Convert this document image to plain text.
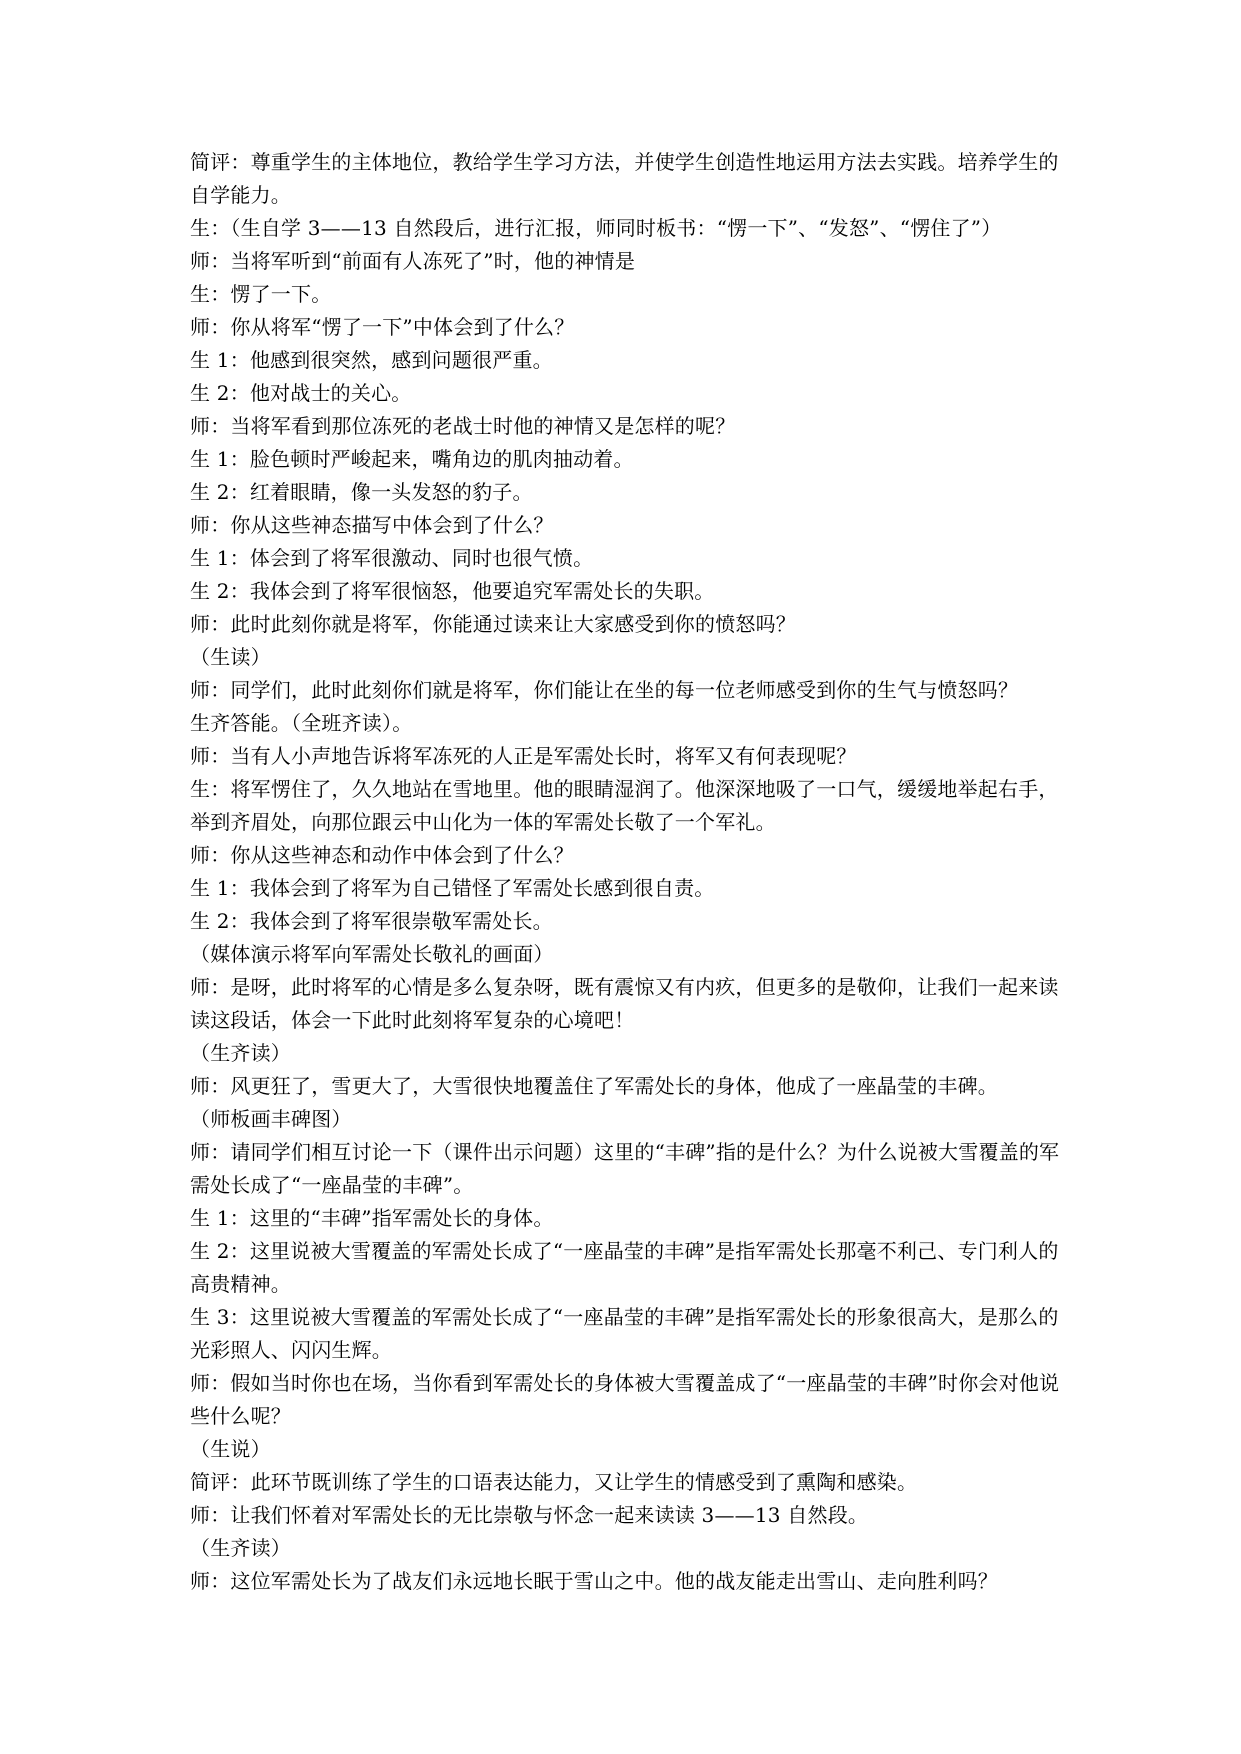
简评：尊重学生的主体地位，教给学生学习方法，并使学生创造性地运用方法去实践。培养学生的自学能力。

生：（生自学 3——13 自然段后，进行汇报，师同时板书：“愣一下”、“发怒”、“愣住了”）

师：当将军听到“前面有人冻死了”时，他的神情是

生：愣了一下。

师：你从将军“愣了一下”中体会到了什么？

生 1：他感到很突然，感到问题很严重。

生 2：他对战士的关心。

师：当将军看到那位冻死的老战士时他的神情又是怎样的呢？

生 1：脸色顿时严峻起来，嘴角边的肌肉抽动着。

生 2：红着眼睛，像一头发怒的豹子。

师：你从这些神态描写中体会到了什么？

生 1：体会到了将军很激动、同时也很气愤。

生 2：我体会到了将军很恼怒，他要追究军需处长的失职。

师：此时此刻你就是将军，你能通过读来让大家感受到你的愤怒吗？

（生读）

师：同学们，此时此刻你们就是将军，你们能让在坐的每一位老师感受到你的生气与愤怒吗？

生齐答能。（全班齐读）。

师：当有人小声地告诉将军冻死的人正是军需处长时，将军又有何表现呢？

生：将军愣住了，久久地站在雪地里。他的眼睛湿润了。他深深地吸了一口气，缓缓地举起右手，举到齐眉处，向那位跟云中山化为一体的军需处长敬了一个军礼。

师：你从这些神态和动作中体会到了什么？

生 1：我体会到了将军为自己错怪了军需处长感到很自责。

生 2：我体会到了将军很崇敬军需处长。

（媒体演示将军向军需处长敬礼的画面）

师：是呀，此时将军的心情是多么复杂呀，既有震惊又有内疚，但更多的是敬仰，让我们一起来读读这段话，体会一下此时此刻将军复杂的心境吧！

（生齐读）

师：风更狂了，雪更大了，大雪很快地覆盖住了军需处长的身体，他成了一座晶莹的丰碑。

（师板画丰碑图）

师：请同学们相互讨论一下（课件出示问题）这里的“丰碑”指的是什么？为什么说被大雪覆盖的军需处长成了“一座晶莹的丰碑”。

生 1：这里的“丰碑”指军需处长的身体。

生 2：这里说被大雪覆盖的军需处长成了“一座晶莹的丰碑”是指军需处长那毫不利己、专门利人的高贵精神。

生 3：这里说被大雪覆盖的军需处长成了“一座晶莹的丰碑”是指军需处长的形象很高大，是那么的光彩照人、闪闪生辉。

师：假如当时你也在场，当你看到军需处长的身体被大雪覆盖成了“一座晶莹的丰碑”时你会对他说些什么呢？

（生说）

简评：此环节既训练了学生的口语表达能力，又让学生的情感受到了熏陶和感染。

师：让我们怀着对军需处长的无比崇敬与怀念一起来读读 3——13 自然段。

（生齐读）

师：这位军需处长为了战友们永远地长眠于雪山之中。他的战友能走出雪山、走向胜利吗？
